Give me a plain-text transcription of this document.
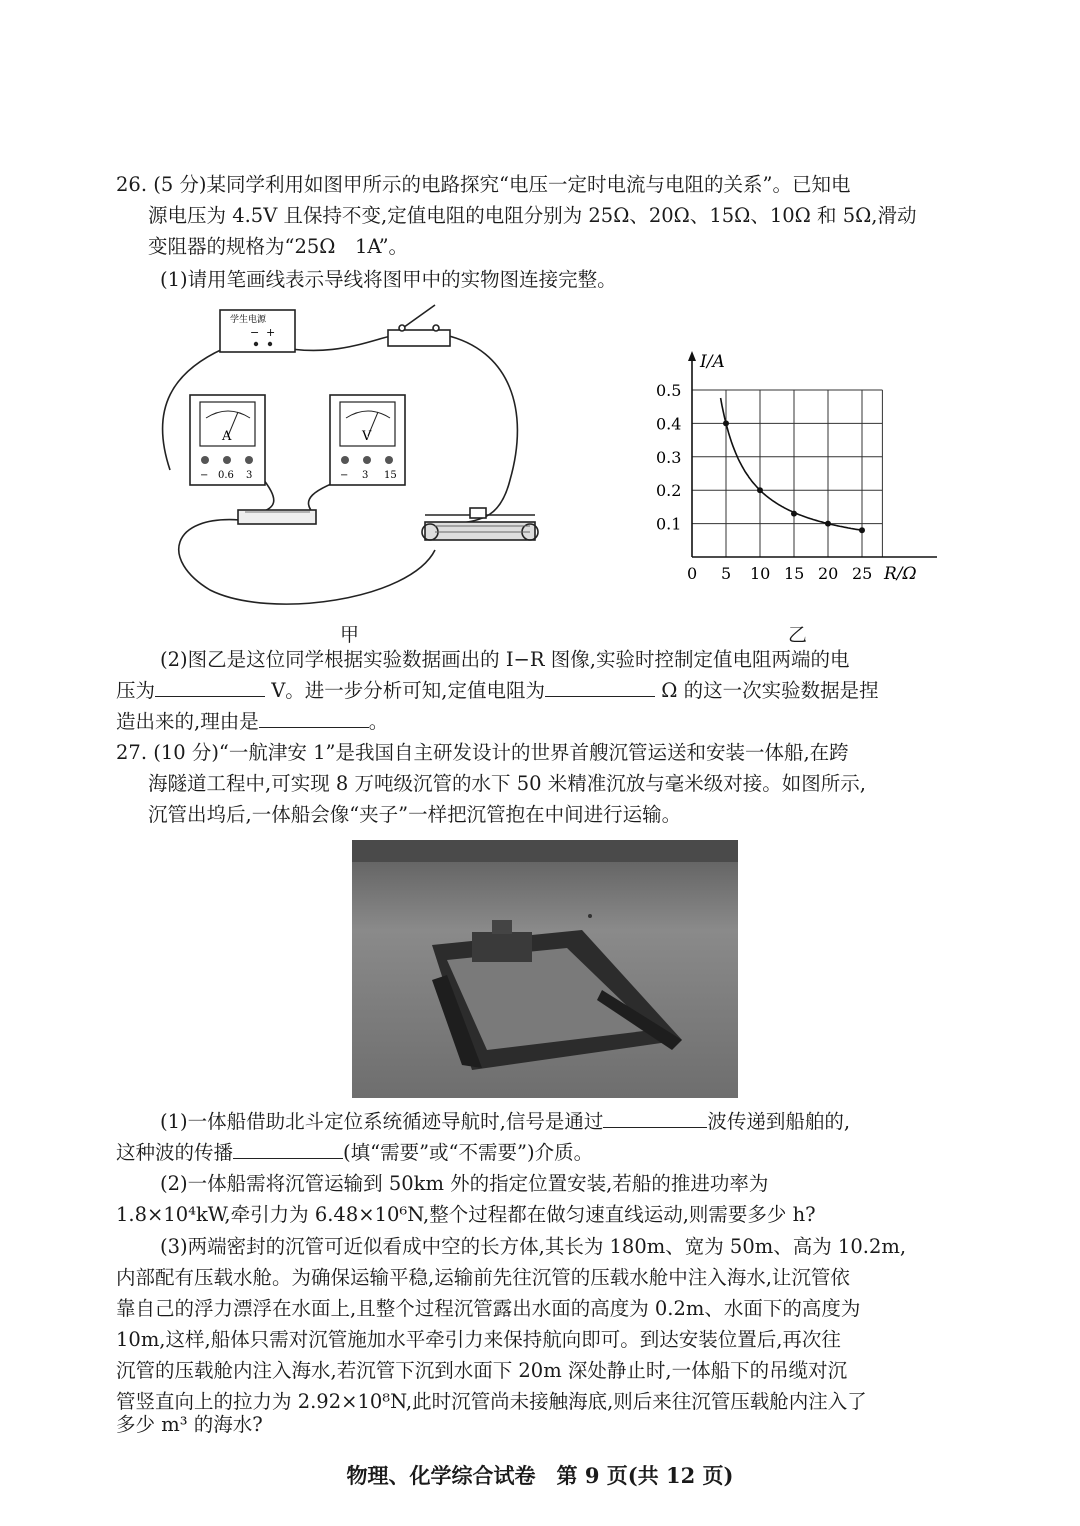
26. (5 分)某同学利用如图甲所示的电路探究“电压一定时电流与电阻的关系”。已知电
源电压为 4.5V 且保持不变,定值电阻的电阻分别为 25Ω、20Ω、15Ω、10Ω 和 5Ω,滑动
变阻器的规格为“25Ω　1A”。
(1)请用笔画线表示导线将图甲中的实物图连接完整。
学生电源
− +
A
− 0.6 3
V
− 3 15
甲
0 5 10 15 20 25
0.1
0.2
0.3
0.4
0.5
I/A
R/Ω
乙
(2)图乙是这位同学根据实验数据画出的 I−R 图像,实验时控制定值电阻两端的电
压为	V。进一步分析可知,定值电阻为	Ω 的这一次实验数据是捏
造出来的,理由是	。
27. (10 分)“一航津安 1”是我国自主研发设计的世界首艘沉管运送和安装一体船,在跨
海隧道工程中,可实现 8 万吨级沉管的水下 50 米精准沉放与毫米级对接。如图所示,
沉管出坞后,一体船会像“夹子”一样把沉管抱在中间进行运输。
(1)一体船借助北斗定位系统循迹导航时,信号是通过	波传递到船舶的,
这种波的传播	(填“需要”或“不需要”)介质。
(2)一体船需将沉管运输到 50km 外的指定位置安装,若船的推进功率为
1.8×10⁴kW,牵引力为 6.48×10⁶N,整个过程都在做匀速直线运动,则需要多少 h?
(3)两端密封的沉管可近似看成中空的长方体,其长为 180m、宽为 50m、高为 10.2m,
内部配有压载水舱。为确保运输平稳,运输前先往沉管的压载水舱中注入海水,让沉管依
靠自己的浮力漂浮在水面上,且整个过程沉管露出水面的高度为 0.2m、水面下的高度为
10m,这样,船体只需对沉管施加水平牵引力来保持航向即可。到达安装位置后,再次往
沉管的压载舱内注入海水,若沉管下沉到水面下 20m 深处静止时,一体船下的吊缆对沉
管竖直向上的拉力为 2.92×10⁸N,此时沉管尚未接触海底,则后来往沉管压载舱内注入了
多少 m³ 的海水?
物理、化学综合试卷　第 9 页(共 12 页)
